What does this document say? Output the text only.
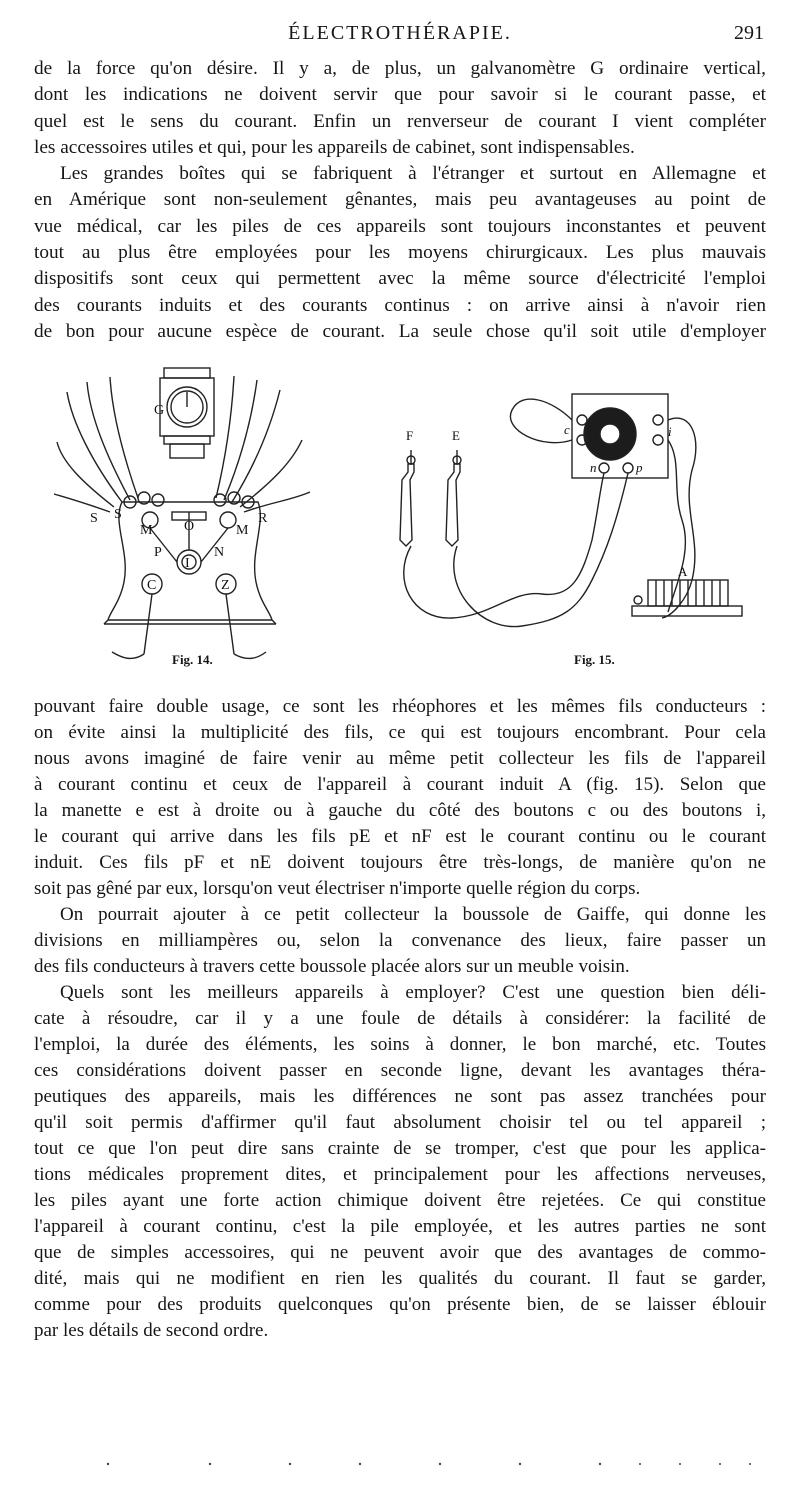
ÉLECTROTHÉRAPIE.	291

de la force qu'on désire. Il y a, de plus, un galvanomètre G ordinaire vertical,
dont les indications ne doivent servir que pour savoir si le courant passe, et
quel est le sens du courant. Enfin un renverseur de courant I vient compléter
les accessoires utiles et qui, pour les appareils de cabinet, sont indispensables.

Les grandes boîtes qui se fabriquent à l'étranger et surtout en Allemagne et
en Amérique sont non-seulement gênantes, mais peu avantageuses au point de
vue médical, car les piles de ces appareils sont toujours inconstantes et peuvent
tout au plus être employées pour les moyens chirurgicaux. Les plus mauvais
dispositifs sont ceux qui permettent avec la même source d'électricité l'emploi
des courants induits et des courants continus : on arrive ainsi à n'avoir rien
de bon pour aucune espèce de courant. La seule chose qu'il soit utile d'employer

G
S
M	M
O
P	N
I
C	Z
R
S
Fig. 14.
F	E
A
c	i
n	p
Fig. 15.

pouvant faire double usage, ce sont les rhéophores et les mêmes fils conducteurs :
on évite ainsi la multiplicité des fils, ce qui est toujours encombrant. Pour cela
nous avons imaginé de faire venir au même petit collecteur les fils de l'appareil
à courant continu et ceux de l'appareil à courant induit A (fig. 15). Selon que
la manette e est à droite ou à gauche du côté des boutons c ou des boutons i,
le courant qui arrive dans les fils pE et nF est le courant continu ou le courant
induit. Ces fils pF et nE doivent toujours être très-longs, de manière qu'on ne
soit pas gêné par eux, lorsqu'on veut électriser n'importe quelle région du corps.

On pourrait ajouter à ce petit collecteur la boussole de Gaiffe, qui donne les
divisions en milliampères ou, selon la convenance des lieux, faire passer un
des fils conducteurs à travers cette boussole placée alors sur un meuble voisin.

Quels sont les meilleurs appareils à employer? C'est une question bien déli-
cate à résoudre, car il y a une foule de détails à considérer: la facilité de
l'emploi, la durée des éléments, les soins à donner, le bon marché, etc. Toutes
ces considérations doivent passer en seconde ligne, devant les avantages théra-
peutiques des appareils, mais les différences ne sont pas assez tranchées pour
qu'il soit permis d'affirmer qu'il faut absolument choisir tel ou tel appareil ;
tout ce que l'on peut dire sans crainte de se tromper, c'est que pour les applica-
tions médicales proprement dites, et principalement pour les affections nerveuses,
les piles ayant une forte action chimique doivent être rejetées. Ce qui constitue
l'appareil à courant continu, c'est la pile employée, et les autres parties ne sont
que de simples accessoires, qui ne peuvent avoir que des avantages de commo-
dité, mais qui ne modifient en rien les qualités du courant. Il faut se garder,
comme pour des produits quelconques qu'on présente bien, de se laisser éblouir
par les détails de second ordre.
